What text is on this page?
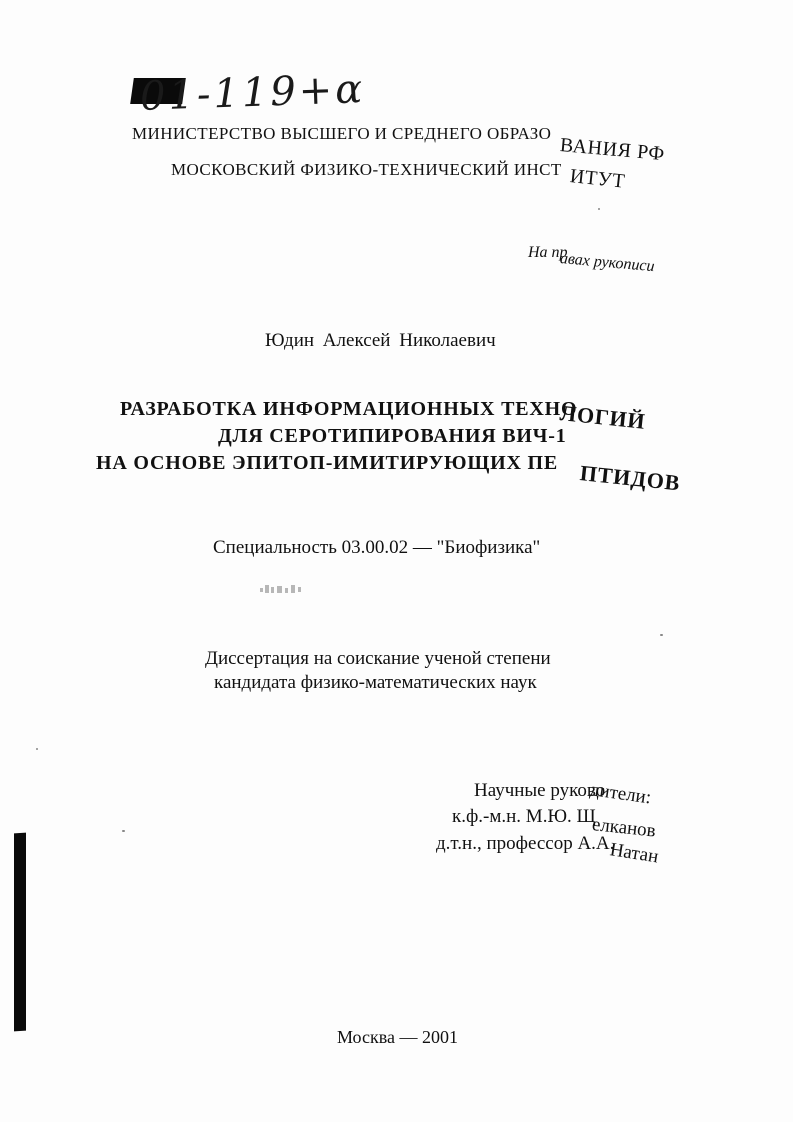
01-119+α
МИНИСТЕРСТВО ВЫСШЕГО И СРЕДНЕГО ОБРАЗО
ВАНИЯ РФ
МОСКОВСКИЙ ФИЗИКО-ТЕХНИЧЕСКИЙ ИНСТ ИТУТ
На пр
авах рукописи
Юдин Алексей Николаевич
РАЗРАБОТКА ИНФОРМАЦИОННЫХ ТЕХНО
ЛОГИЙ
ДЛЯ СЕРОТИПИРОВАНИЯ ВИЧ-1
НА ОСНОВЕ ЭПИТОП-ИМИТИРУЮЩИХ ПЕ ПТИДОВ
Специальность 03.00.02 — "Биофизика"
Диссертация на соискание ученой степени
кандидата физико-математических наук
Научные руково
дители:
к.ф.-м.н. М.Ю. Щ
елканов
д.т.н., профессор А.А.
Натан
Москва — 2001
